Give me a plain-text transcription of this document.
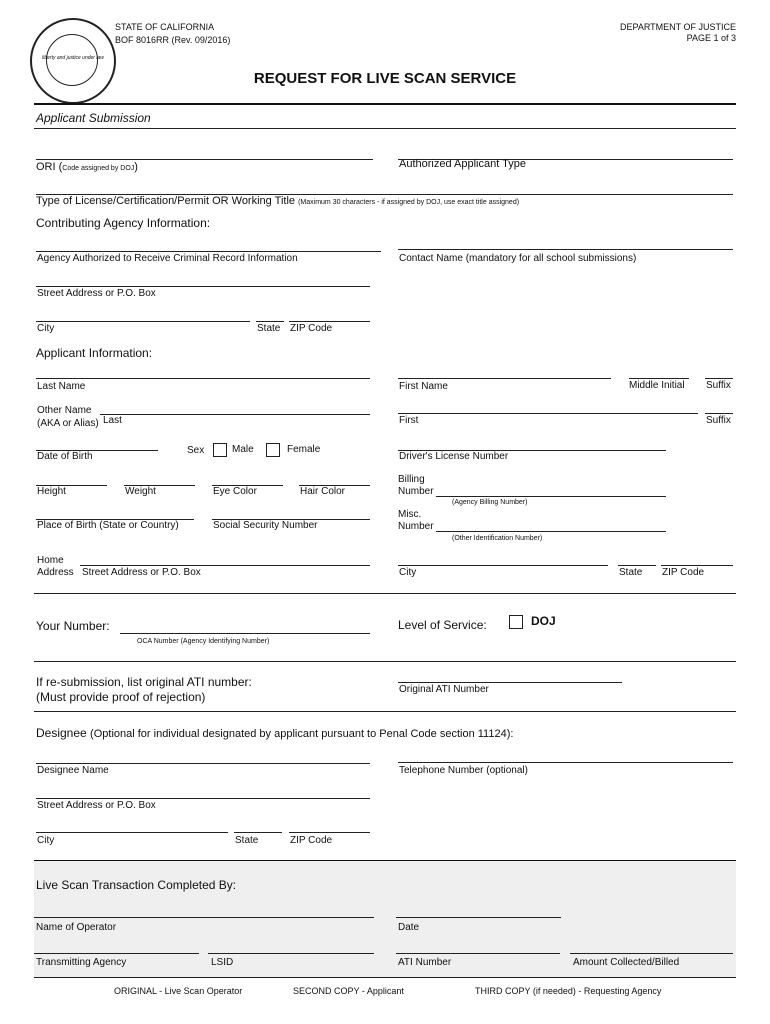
liberty and justice under law
STATE OF CALIFORNIA
BOF 8016RR (Rev. 09/2016)
DEPARTMENT OF JUSTICE
PAGE 1 of 3
REQUEST FOR LIVE SCAN SERVICE
Applicant Submission
ORI (Code assigned by DOJ)	Authorized Applicant Type
Type of License/Certification/Permit OR Working Title (Maximum 30 characters - if assigned by DOJ, use exact title assigned)
Contributing Agency Information:
Agency Authorized to Receive Criminal Record Information	Contact Name (mandatory for all school submissions)
Street Address or P.O. Box
City	State ZIP Code
Applicant Information:
Last Name	First Name	Middle Initial Suffix
Other Name
(AKA or Alias) Last	First	Suffix
Date of Birth
Sex	Male	Female
Driver's License Number
Height	Weight	Eye Color	Hair Color
Billing
Number
(Agency Billing Number)
Place of Birth (State or Country)	Social Security Number
Misc.
Number
(Other Identification Number)
Home
Address Street Address or P.O. Box	City	State ZIP Code
Your Number:
OCA Number (Agency Identifying Number)
Level of Service:	DOJ
If re-submission, list original ATI number:
(Must provide proof of rejection)
Original ATI Number
Designee (Optional for individual designated by applicant pursuant to Penal Code section 11124):
Designee Name	Telephone Number (optional)
Street Address or P.O. Box
City	State	ZIP Code
Live Scan Transaction Completed By:
Name of Operator	Date
Transmitting Agency	LSID	ATI Number	Amount Collected/Billed
ORIGINAL - Live Scan Operator	SECOND COPY - Applicant	THIRD COPY (if needed) - Requesting Agency
